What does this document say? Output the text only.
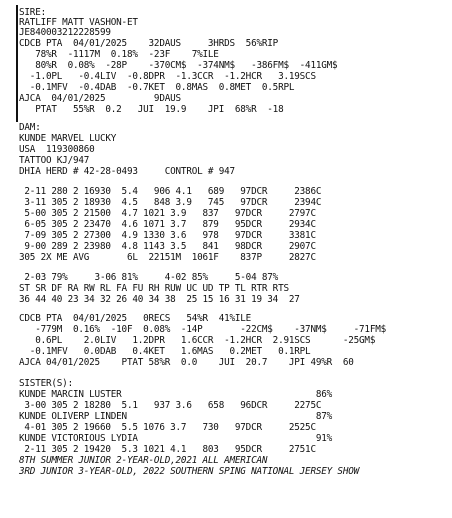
SIRE:
RATLIFF MATT VASHON-ET
JE840003212228599
CDCB PTA  04/01/2025    32DAUS     3HRDS  56%RIP
78%R  -1117M  0.18%  -23F    7%ILE
80%R  0.08%  -28P    -370CM$  -374NM$   -386FM$  -411GM$
-1.0PL   -0.4LIV  -0.8DPR  -1.3CCR  -1.2HCR   3.19SCS
-0.1MFV  -0.4DAB  -0.7KET  0.8MAS  0.8MET  0.5RPL
AJCA  04/01/2025         9DAUS
PTAT   55%R  0.2   JUI  19.9    JPI  68%R  -18
DAM:
KUNDE MARVEL LUCKY
USA  119300860
TATTOO KJ/947
DHIA HERD # 42-28-0493     CONTROL # 947
2-11 280 2 16930  5.4   906 4.1   689   97DCR     2386C
3-11 305 2 18930  4.5   848 3.9   745   97DCR     2394C
5-00 305 2 21500  4.7 1021 3.9   837   97DCR     2797C
6-05 305 2 23470  4.6 1071 3.7   879   95DCR     2934C
7-09 305 2 27300  4.9 1330 3.6   978   97DCR     3381C
9-00 289 2 23980  4.8 1143 3.5   841   98DCR     2907C
305 2X ME AVG       6L  22151M  1061F    837P     2827C
2-03 79%     3-06 81%     4-02 85%     5-04 87%
ST SR DF RA RW RL FA FU RH RUW UC UD TP TL RTR RTS
36 44 40 23 34 32 26 40 34 38  25 15 16 31 19 34  27
CDCB PTA  04/01/2025   0RECS   54%R  41%ILE
-779M  0.16%  -10F  0.08%  -14P       -22CM$    -37NM$     -71FM$
0.6PL    2.0LIV   1.2DPR   1.6CCR  -1.2HCR  2.91SCS      -25GM$
-0.1MFV   0.0DAB   0.4KET   1.6MAS   0.2MET   0.1RPL
AJCA 04/01/2025    PTAT 58%R  0.0    JUI  20.7    JPI 49%R  60
SISTER(S):
KUNDE MARCIN LUSTER                                    86%
3-00 305 2 18280  5.1   937 3.6   658   96DCR     2275C
KUNDE OLIVERP LINDEN                                   87%
4-01 305 2 19660  5.5 1076 3.7   730   97DCR     2525C
KUNDE VICTORIOUS LYDIA                                 91%
2-11 305 2 19420  5.3 1021 4.1   803   95DCR     2751C
8TH SUMMER JUNIOR 2-YEAR-OLD,2021 ALL AMERICAN
3RD JUNIOR 3-YEAR-OLD, 2022 SOUTHERN SPING NATIONAL JERSEY SHOW
